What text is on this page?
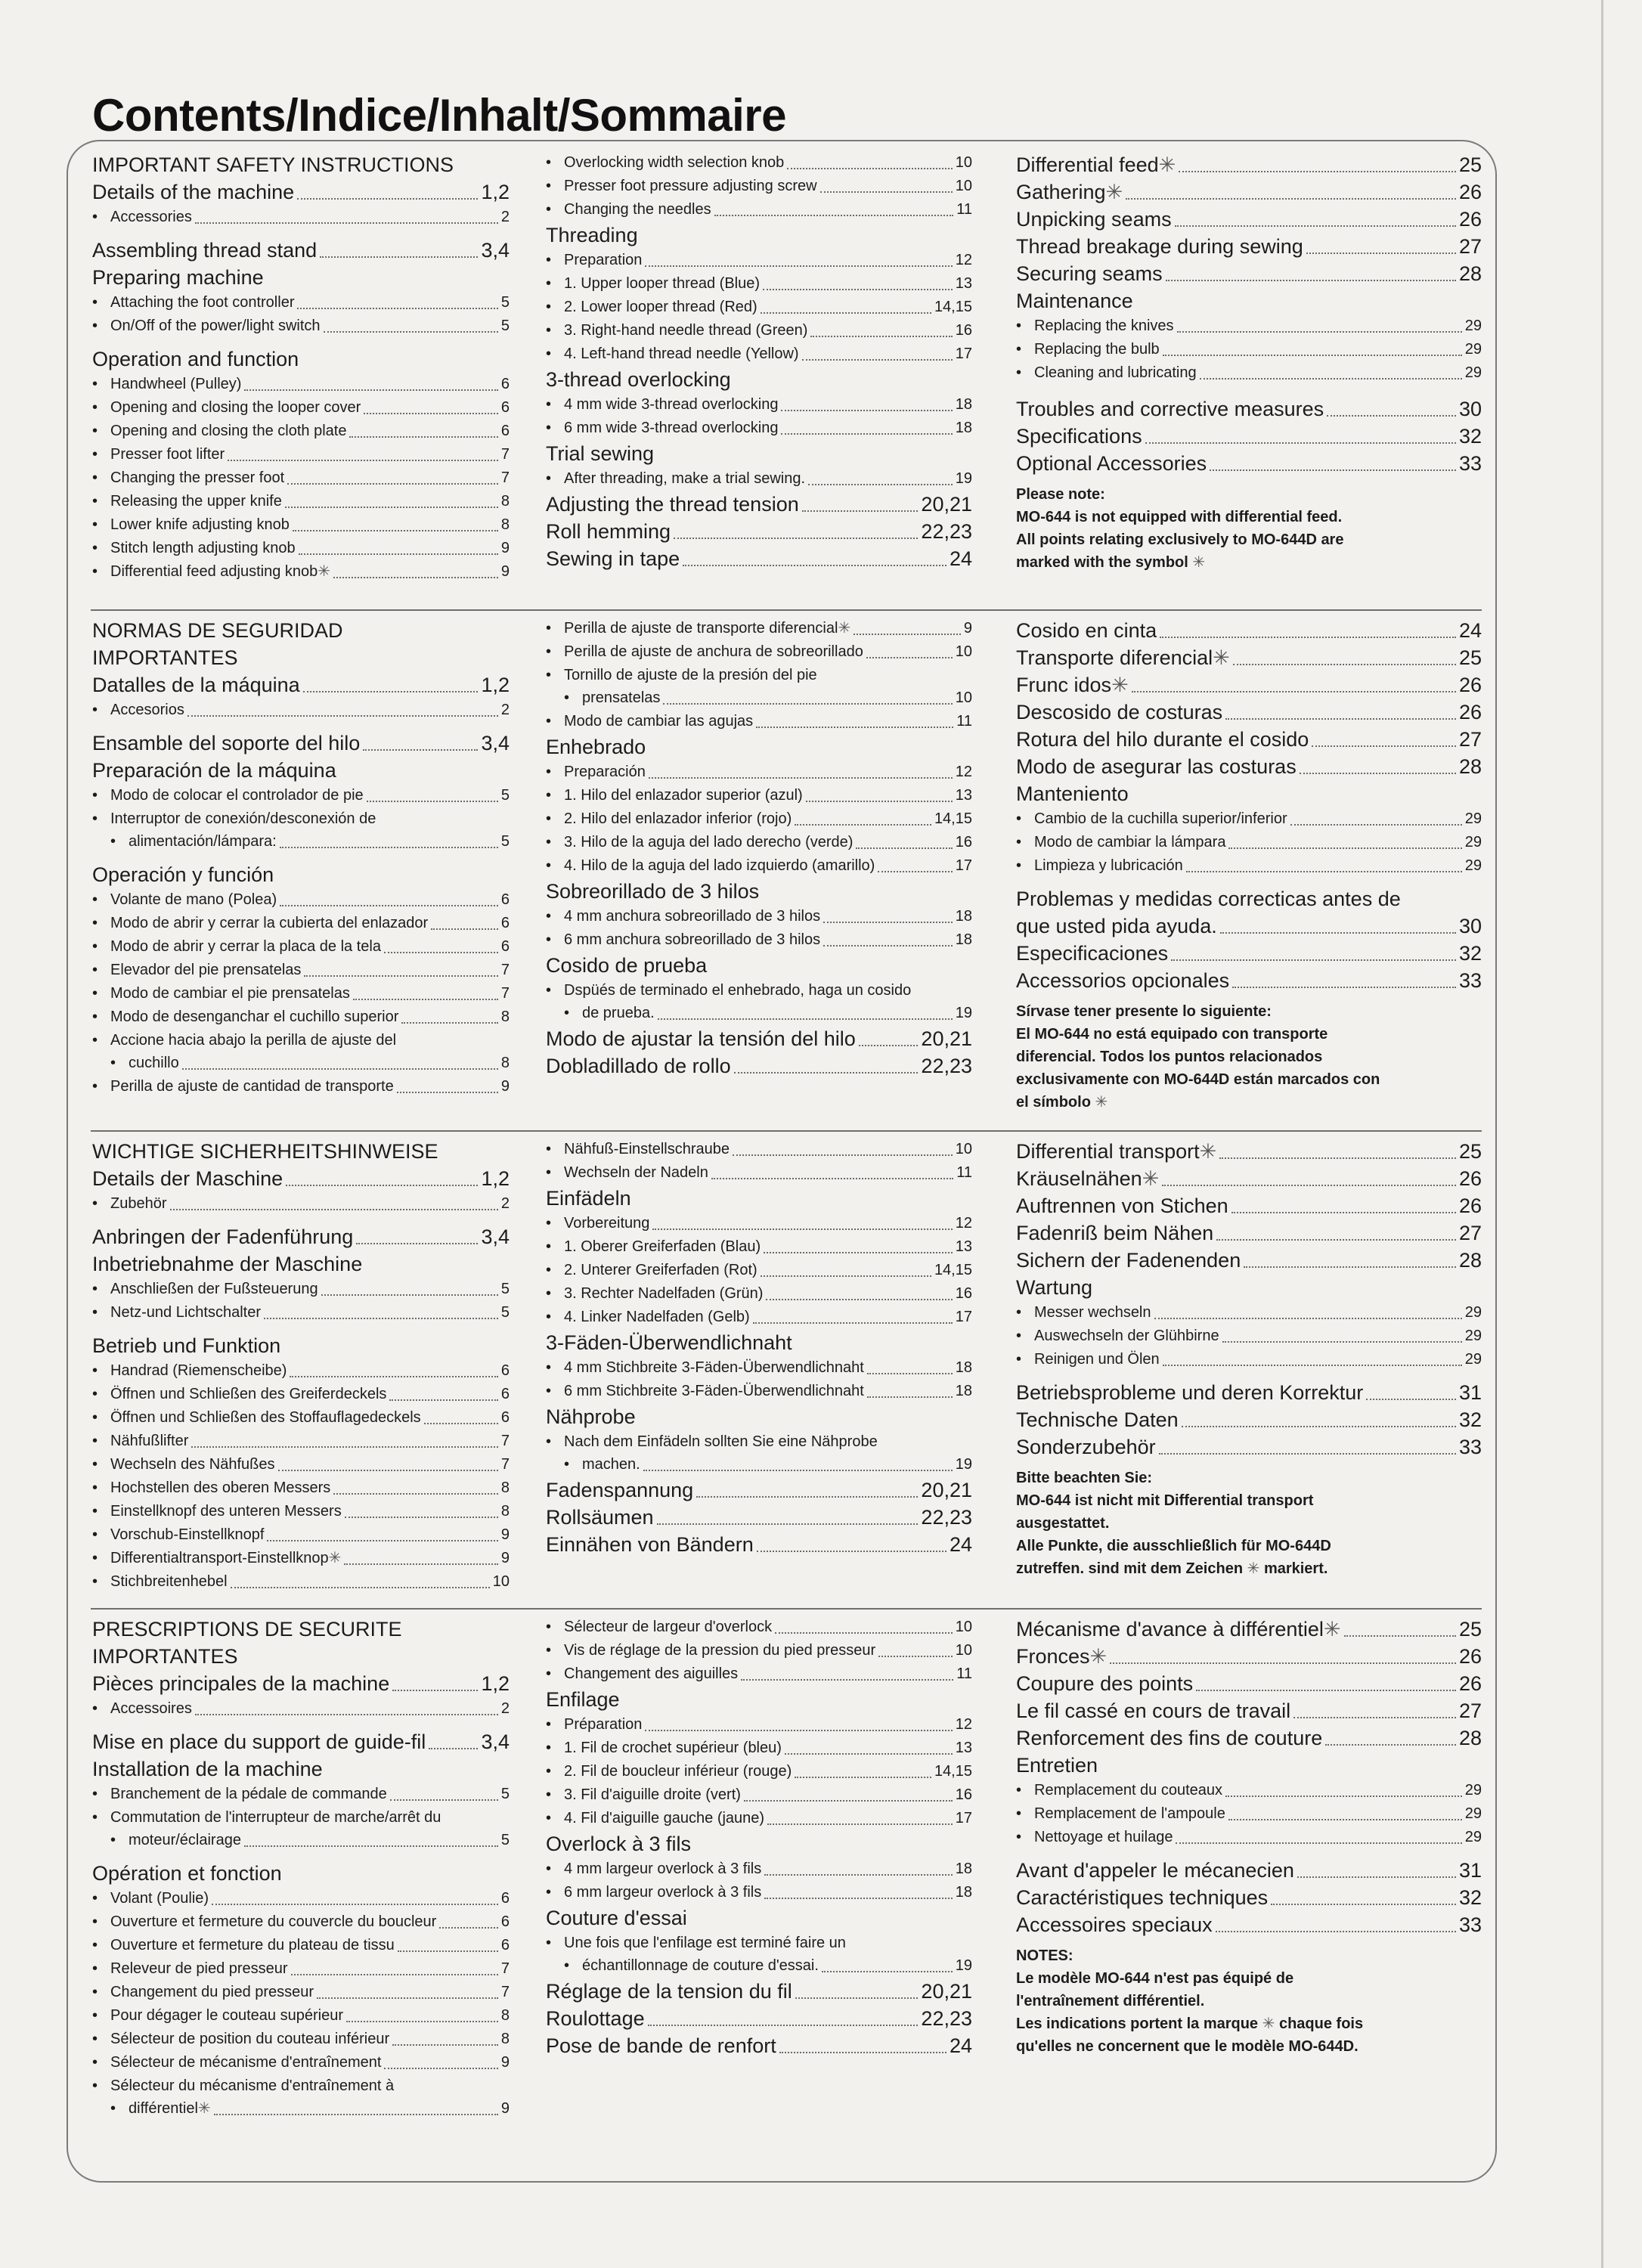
Contents/Indice/Inhalt/Sommaire
IMPORTANT SAFETY INSTRUCTIONS
Details of the machine	1,2
• Accessories	2
Assembling thread stand	3,4
Preparing machine
• Attaching the foot controller	5
• On/Off of the power/light switch	5
Operation and function
• Handwheel (Pulley)	6
• Opening and closing the looper cover	6
• Opening and closing the cloth plate	6
• Presser foot lifter	7
• Changing the presser foot	7
• Releasing the upper knife	8
• Lower knife adjusting knob	8
• Stitch length adjusting knob	9
• Differential feed adjusting knob ✳	9
• Overlocking width selection knob	10
• Presser foot pressure adjusting screw	10
• Changing the needles	11
Threading
• Preparation	12
• 1. Upper looper thread (Blue)	13
• 2. Lower looper thread (Red)	14,15
• 3. Right-hand needle thread (Green)	16
• 4. Left-hand thread needle (Yellow)	17
3-thread overlocking
• 4 mm wide 3-thread overlocking	18
• 6 mm wide 3-thread overlocking	18
Trial sewing
• After threading, make a trial sewing.	19
Adjusting the thread tension	20,21
Roll hemming	22,23
Sewing in tape	24
Differential feed ✳	25
Gathering ✳	26
Unpicking seams	26
Thread breakage during sewing	27
Securing seams	28
Maintenance
• Replacing the knives	29
• Replacing the bulb	29
• Cleaning and lubricating	29
Troubles and corrective measures	30
Specifications	32
Optional Accessories	33
Please note:
MO-644 is not equipped with differential feed.
All points relating exclusively to MO-644D are
marked with the symbol ✳
NORMAS DE SEGURIDAD
IMPORTANTES
Datalles de la máquina	1,2
• Accesorios	2
Ensamble del soporte del hilo	3,4
Preparación de la máquina
• Modo de colocar el controlador de pie	5
• Interruptor de conexión/desconexión de
• alimentación/lámpara:	5
Operación y función
• Volante de mano (Polea)	6
• Modo de abrir y cerrar la cubierta del enlazador	6
• Modo de abrir y cerrar la placa de la tela	6
• Elevador del pie prensatelas	7
• Modo de cambiar el pie prensatelas	7
• Modo de desenganchar el cuchillo superior	8
• Accione hacia abajo la perilla de ajuste del
• cuchillo	8
• Perilla de ajuste de cantidad de transporte	9
• Perilla de ajuste de transporte diferencial ✳	9
• Perilla de ajuste de anchura de sobreorillado	10
• Tornillo de ajuste de la presión del pie
• prensatelas	10
• Modo de cambiar las agujas	11
Enhebrado
• Preparación	12
• 1. Hilo del enlazador superior (azul)	13
• 2. Hilo del enlazador inferior (rojo)	14,15
• 3. Hilo de la aguja del lado derecho (verde)	16
• 4. Hilo de la aguja del lado izquierdo (amarillo)	17
Sobreorillado de 3 hilos
• 4 mm anchura sobreorillado de 3 hilos	18
• 6 mm anchura sobreorillado de 3 hilos	18
Cosido de prueba
• Dspüés de terminado el enhebrado, haga un cosido
• de prueba.	19
Modo de ajustar la tensión del hilo	20,21
Dobladillado de rollo	22,23
Cosido en cinta	24
Transporte diferencial ✳	25
Frunc idos ✳	26
Descosido de costuras	26
Rotura del hilo durante el cosido	27
Modo de asegurar las costuras	28
Manteniento
• Cambio de la cuchilla superior/inferior	29
• Modo de cambiar la lámpara	29
• Limpieza y lubricación	29
Problemas y medidas correcticas antes de
que usted pida ayuda.	30
Especificaciones	32
Accessorios opcionales	33
Sírvase tener presente lo siguiente:
El MO-644 no está equipado con transporte
diferencial. Todos los puntos relacionados
exclusivamente con MO-644D están marcados con
el símbolo ✳
WICHTIGE SICHERHEITSHINWEISE
Details der Maschine	1,2
• Zubehör	2
Anbringen der Fadenführung	3,4
Inbetriebnahme der Maschine
• Anschließen der Fußsteuerung	5
• Netz-und Lichtschalter	5
Betrieb und Funktion
• Handrad (Riemenscheibe)	6
• Öffnen und Schließen des Greiferdeckels	6
• Öffnen und Schließen des Stoffauflagedeckels	6
• Nähfußlifter	7
• Wechseln des Nähfußes	7
• Hochstellen des oberen Messers	8
• Einstellknopf des unteren Messers	8
• Vorschub-Einstellknopf	9
• Differentialtransport-Einstellknop ✳	9
• Stichbreitenhebel	10
• Nähfuß-Einstellschraube	10
• Wechseln der Nadeln	11
Einfädeln
• Vorbereitung	12
• 1. Oberer Greiferfaden (Blau)	13
• 2. Unterer Greiferfaden (Rot)	14,15
• 3. Rechter Nadelfaden (Grün)	16
• 4. Linker Nadelfaden (Gelb)	17
3-Fäden-Überwendlichnaht
• 4 mm Stichbreite 3-Fäden-Überwendlichnaht	18
• 6 mm Stichbreite 3-Fäden-Überwendlichnaht	18
Nähprobe
• Nach dem Einfädeln sollten Sie eine Nähprobe
• machen.	19
Fadenspannung	20,21
Rollsäumen	22,23
Einnähen von Bändern	24
Differential transport ✳	25
Kräuselnähen ✳	26
Auftrennen von Stichen	26
Fadenriß beim Nähen	27
Sichern der Fadenenden	28
Wartung
• Messer wechseln	29
• Auswechseln der Glühbirne	29
• Reinigen und Ölen	29
Betriebsprobleme und deren Korrektur	31
Technische Daten	32
Sonderzubehör	33
Bitte beachten Sie:
MO-644 ist nicht mit Differential transport
ausgestattet.
Alle Punkte, die ausschließlich für MO-644D
zutreffen. sind mit dem Zeichen ✳ markiert.
PRESCRIPTIONS DE SECURITE
IMPORTANTES
Pièces principales de la machine	1,2
• Accessoires	2
Mise en place du support de guide-fil	3,4
Installation de la machine
• Branchement de la pédale de commande	5
• Commutation de l'interrupteur de marche/arrêt du
• moteur/éclairage	5
Opération et fonction
• Volant (Poulie)	6
• Ouverture et fermeture du couvercle du boucleur	6
• Ouverture et fermeture du plateau de tissu	6
• Releveur de pied presseur	7
• Changement du pied presseur	7
• Pour dégager le couteau supérieur	8
• Sélecteur de position du couteau inférieur	8
• Sélecteur de mécanisme d'entraînement	9
• Sélecteur du mécanisme d'entraînement à
• différentiel ✳	9
• Sélecteur de largeur d'overlock	10
• Vis de réglage de la pression du pied presseur	10
• Changement des aiguilles	11
Enfilage
• Préparation	12
• 1. Fil de crochet supérieur (bleu)	13
• 2. Fil de boucleur inférieur (rouge)	14,15
• 3. Fil d'aiguille droite (vert)	16
• 4. Fil d'aiguille gauche (jaune)	17
Overlock à 3 fils
• 4 mm largeur overlock à 3 fils	18
• 6 mm largeur overlock à 3 fils	18
Couture d'essai
• Une fois que l'enfilage est terminé faire un
• échantillonnage de couture d'essai.	19
Réglage de la tension du fil	20,21
Roulottage	22,23
Pose de bande de renfort	24
Mécanisme d'avance à différentiel ✳	25
Fronces ✳	26
Coupure des points	26
Le fil cassé en cours de travail	27
Renforcement des fins de couture	28
Entretien
• Remplacement du couteaux	29
• Remplacement de l'ampoule	29
• Nettoyage et huilage	29
Avant d'appeler le mécanecien	31
Caractéristiques techniques	32
Accessoires speciaux	33
NOTES:
Le modèle MO-644 n'est pas équipé de
l'entraînement différentiel.
Les indications portent la marque ✳ chaque fois
qu'elles ne concernent que le modèle MO-644D.
